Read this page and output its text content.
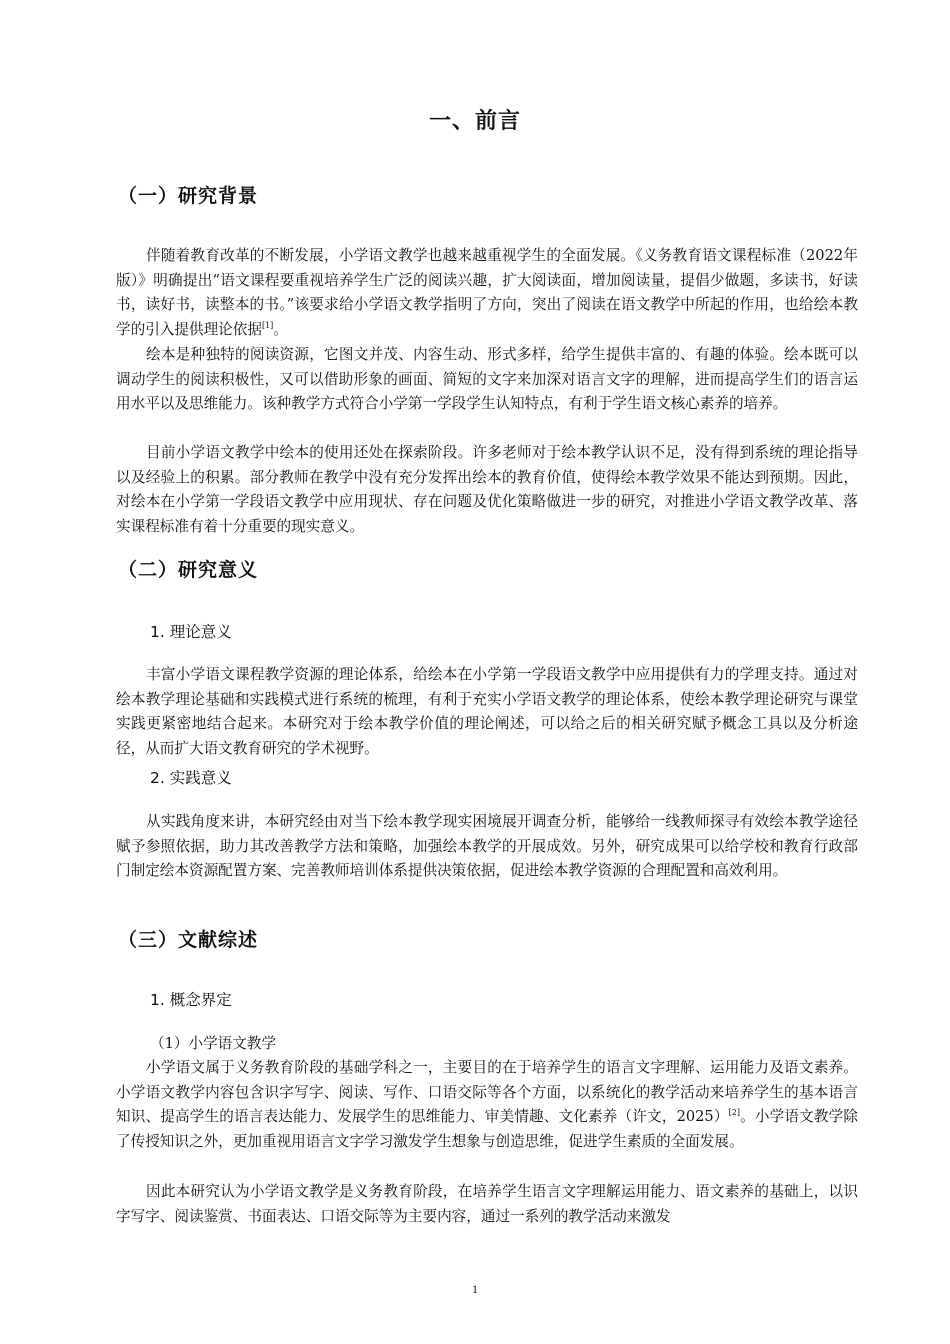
一、前言
（一）研究背景

伴随着教育改革的不断发展，小学语文教学也越来越重视学生的全面发展。《义务教育语文课程标准（2022年版）》明确提出“语文课程要重视培养学生广泛的阅读兴趣，扩大阅读面，增加阅读量，提倡少做题，多读书，好读书，读好书，读整本的书。”该要求给小学语文教学指明了方向，突出了阅读在语文教学中所起的作用，也给绘本教学的引入提供理论依据[1]。

绘本是种独特的阅读资源，它图文并茂、内容生动、形式多样，给学生提供丰富的、有趣的体验。绘本既可以调动学生的阅读积极性，又可以借助形象的画面、简短的文字来加深对语言文字的理解，进而提高学生们的语言运用水平以及思维能力。该种教学方式符合小学第一学段学生认知特点，有利于学生语文核心素养的培养。

目前小学语文教学中绘本的使用还处在探索阶段。许多老师对于绘本教学认识不足，没有得到系统的理论指导以及经验上的积累。部分教师在教学中没有充分发挥出绘本的教育价值，使得绘本教学效果不能达到预期。因此，对绘本在小学第一学段语文教学中应用现状、存在问题及优化策略做进一步的研究，对推进小学语文教学改革、落实课程标准有着十分重要的现实意义。

（二）研究意义
1. 理论意义

丰富小学语文课程教学资源的理论体系，给绘本在小学第一学段语文教学中应用提供有力的学理支持。通过对绘本教学理论基础和实践模式进行系统的梳理，有利于充实小学语文教学的理论体系，使绘本教学理论研究与课堂实践更紧密地结合起来。本研究对于绘本教学价值的理论阐述，可以给之后的相关研究赋予概念工具以及分析途径，从而扩大语文教育研究的学术视野。

2. 实践意义

从实践角度来讲，本研究经由对当下绘本教学现实困境展开调查分析，能够给一线教师探寻有效绘本教学途径赋予参照依据，助力其改善教学方法和策略，加强绘本教学的开展成效。另外，研究成果可以给学校和教育行政部门制定绘本资源配置方案、完善教师培训体系提供决策依据，促进绘本教学资源的合理配置和高效利用。

（三）文献综述
1. 概念界定
（1）小学语文教学

小学语文属于义务教育阶段的基础学科之一，主要目的在于培养学生的语言文字理解、运用能力及语文素养。小学语文教学内容包含识字写字、阅读、写作、口语交际等各个方面，以系统化的教学活动来培养学生的基本语言知识、提高学生的语言表达能力、发展学生的思维能力、审美情趣、文化素养（许文，2025）[2]。小学语文教学除了传授知识之外，更加重视用语言文字学习激发学生想象与创造思维，促进学生素质的全面发展。

因此本研究认为小学语文教学是义务教育阶段，在培养学生语言文字理解运用能力、语文素养的基础上，以识字写字、阅读鉴赏、书面表达、口语交际等为主要内容，通过一系列的教学活动来激发

1
